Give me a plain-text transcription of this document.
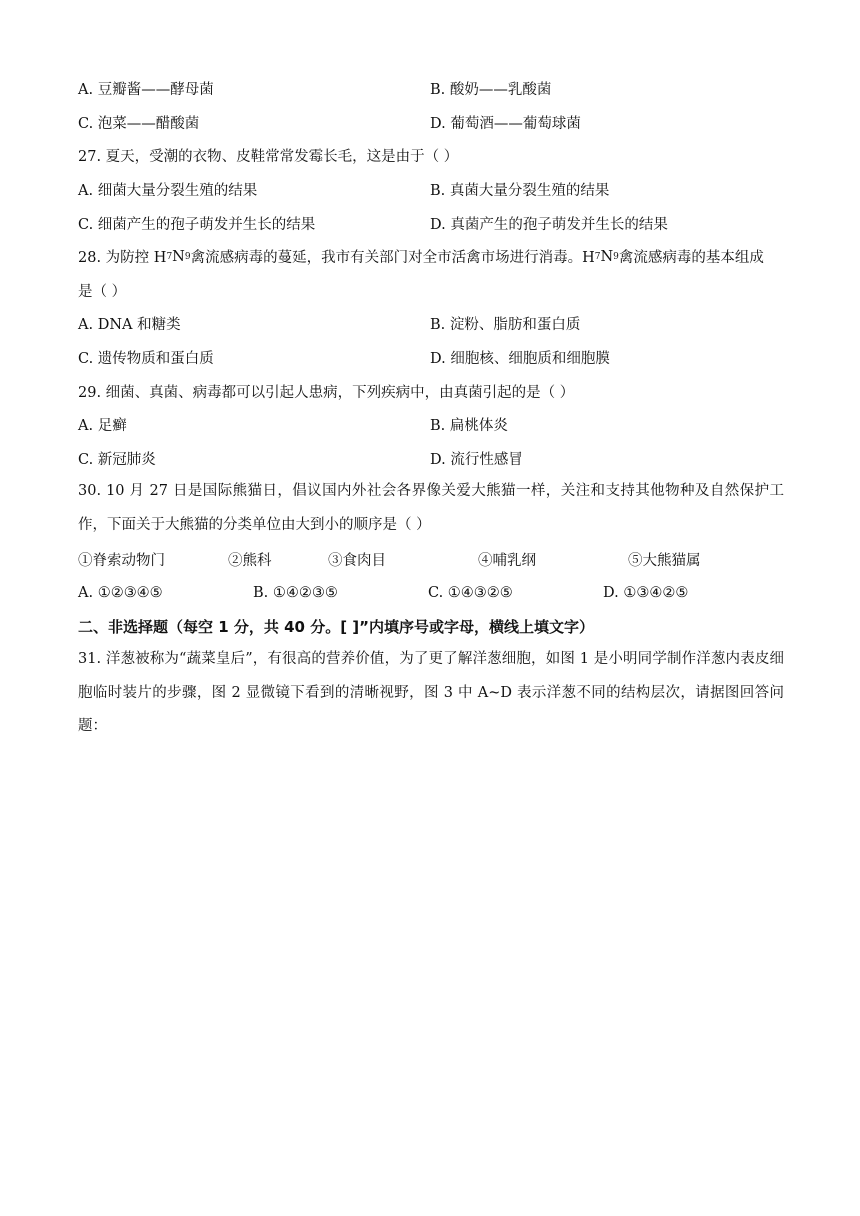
A. 豆瓣酱——酵母菌	B. 酸奶——乳酸菌
C. 泡菜——醋酸菌	D. 葡萄酒——葡萄球菌
27. 夏天，受潮的衣物、皮鞋常常发霉长毛，这是由于（ ）
A. 细菌大量分裂生殖的结果	B. 真菌大量分裂生殖的结果
C. 细菌产生的孢子萌发并生长的结果	D. 真菌产生的孢子萌发并生长的结果
28. 为防控 H 7 N 9 禽流感病毒的蔓延，我市有关部门对全市活禽市场进行消毒。H 7 N 9 禽流感病毒的基本组成
是（ ）
A. DNA 和糖类	B. 淀粉、脂肪和蛋白质
C. 遗传物质和蛋白质	D. 细胞核、细胞质和细胞膜
29. 细菌、真菌、病毒都可以引起人患病，下列疾病中，由真菌引起的是（ ）
A. 足癣	B. 扁桃体炎
C. 新冠肺炎	D. 流行性感冒
30. 10 月 27 日是国际熊猫日，倡议国内外社会各界像关爱大熊猫一样，关注和支持其他物种及自然保护工作，下面关于大熊猫的分类单位由大到小的顺序是（ ）
①脊索动物门	②熊科	③食肉目	④哺乳纲	⑤大熊猫属
A. ①②③④⑤	B. ①④②③⑤	C. ①④③②⑤	D. ①③④②⑤
二、非选择题（每空 1 分，共 40 分。[ ]”内填序号或字母，横线上填文字）
31. 洋葱被称为“蔬菜皇后”，有很高的营养价值，为了更了解洋葱细胞，如图 1 是小明同学制作洋葱内表皮细胞临时装片的步骤，图 2 显微镜下看到的清晰视野，图 3 中 A~D 表示洋葱不同的结构层次，请据图回答问题：
